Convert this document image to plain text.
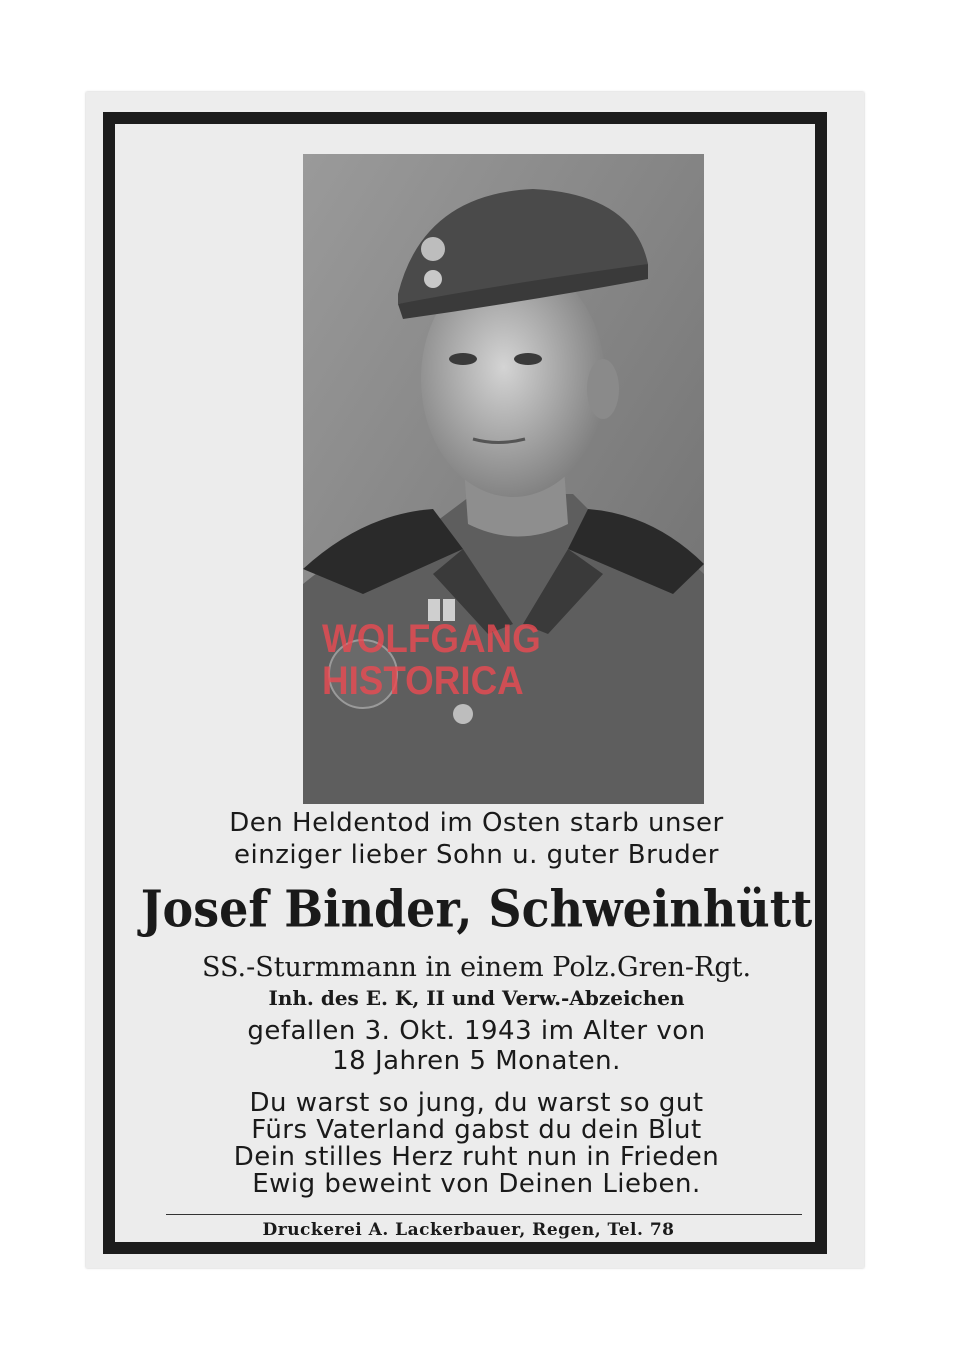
WOLFGANG
HISTORICA
Den Heldentod im Osten starb unser
einziger lieber Sohn u. guter Bruder
Josef Binder, Schweinhütt
SS.-Sturmmann in einem Polz.Gren-Rgt.
Inh. des E. K, II und Verw.-Abzeichen
gefallen 3. Okt. 1943 im Alter von
18 Jahren 5 Monaten.
Du warst so jung, du warst so gut
Fürs Vaterland gabst du dein Blut
Dein stilles Herz ruht nun in Frieden
Ewig beweint von Deinen Lieben.
Druckerei A. Lackerbauer, Regen, Tel. 78
